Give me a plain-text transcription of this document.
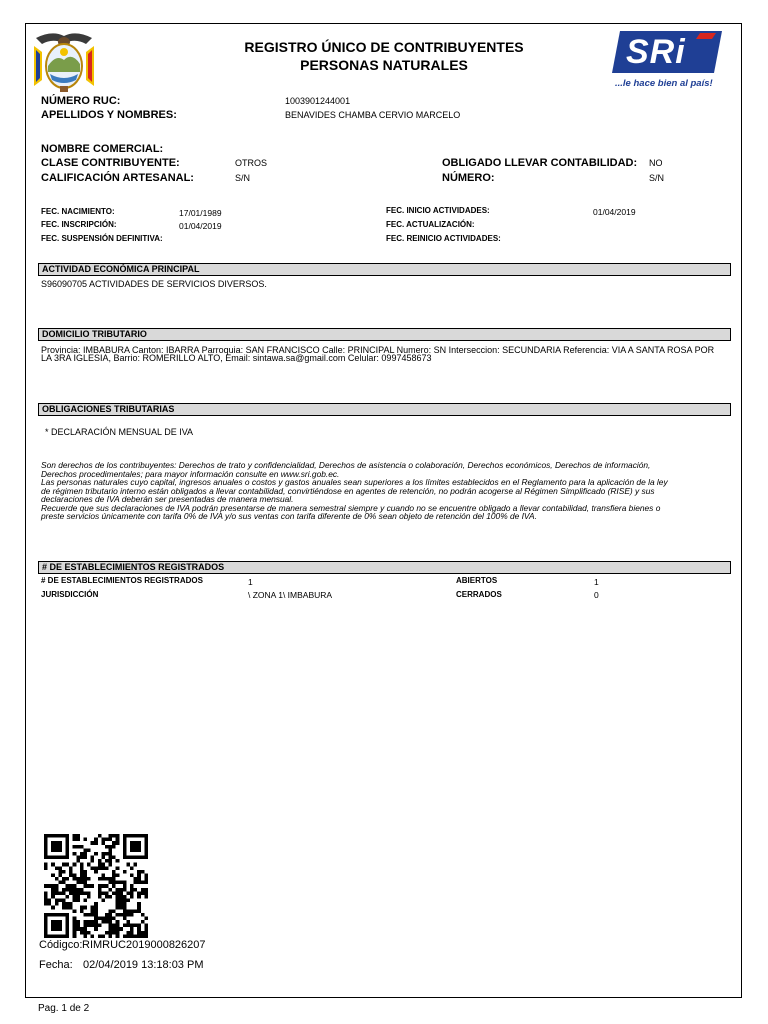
REGISTRO ÚNICO DE CONTRIBUYENTES
PERSONAS NATURALES	SRi
...le hace bien al país!
NÚMERO RUC:	1003901244001
APELLIDOS Y NOMBRES:	BENAVIDES CHAMBA CERVIO MARCELO
NOMBRE COMERCIAL:
CLASE CONTRIBUYENTE:	OTROS
CALIFICACIÓN ARTESANAL:	S/N
OBLIGADO LLEVAR CONTABILIDAD: NO
NÚMERO:	S/N
FEC. NACIMIENTO:	17/01/1989
FEC. INSCRIPCIÓN:	01/04/2019
FEC. SUSPENSIÓN DEFINITIVA:
FEC. INICIO ACTIVIDADES:	01/04/2019
FEC. ACTUALIZACIÓN:
FEC. REINICIO ACTIVIDADES:
ACTIVIDAD ECONÓMICA PRINCIPAL
S96090705 ACTIVIDADES DE SERVICIOS DIVERSOS.
DOMICILIO TRIBUTARIO
Provincia: IMBABURA Canton: IBARRA Parroquia: SAN FRANCISCO Calle: PRINCIPAL Numero: SN Interseccion: SECUNDARIA Referencia: VIA A SANTA ROSA POR
LA 3RA IGLESIA, Barrio: ROMERILLO ALTO, Email: sintawa.sa@gmail.com Celular: 0997458673
OBLIGACIONES TRIBUTARIAS
* DECLARACIÓN MENSUAL DE IVA
Son derechos de los contribuyentes: Derechos de trato y confidencialidad, Derechos de asistencia o colaboración, Derechos económicos, Derechos de información,
Derechos procedimentales; para mayor información consulte en www.sri.gob.ec.
Las personas naturales cuyo capital, ingresos anuales o costos y gastos anuales sean superiores a los límites establecidos en el Reglamento para la aplicación de la ley
de régimen tributario interno están obligados a llevar contabilidad, convirtiéndose en agentes de retención, no podrán acogerse al Régimen Simplificado (RISE) y sus
declaraciones de IVA deberán ser presentadas de manera mensual.
Recuerde que sus declaraciones de IVA podrán presentarse de manera semestral siempre y cuando no se encuentre obligado a llevar contabilidad, transfiera bienes o
preste servicios únicamente con tarifa 0% de IVA y/o sus ventas con tarifa diferente de 0% sean objeto de retención del 100% de IVA.
# DE ESTABLECIMIENTOS REGISTRADOS
# DE ESTABLECIMIENTOS REGISTRADOS	1
JURISDICCIÓN	\ ZONA 1\ IMBABURA
ABIERTOS	1
CERRADOS	0
Códigco: RIMRUC2019000826207
Fecha: 02/04/2019 13:18:03 PM
Pag. 1 de 2
